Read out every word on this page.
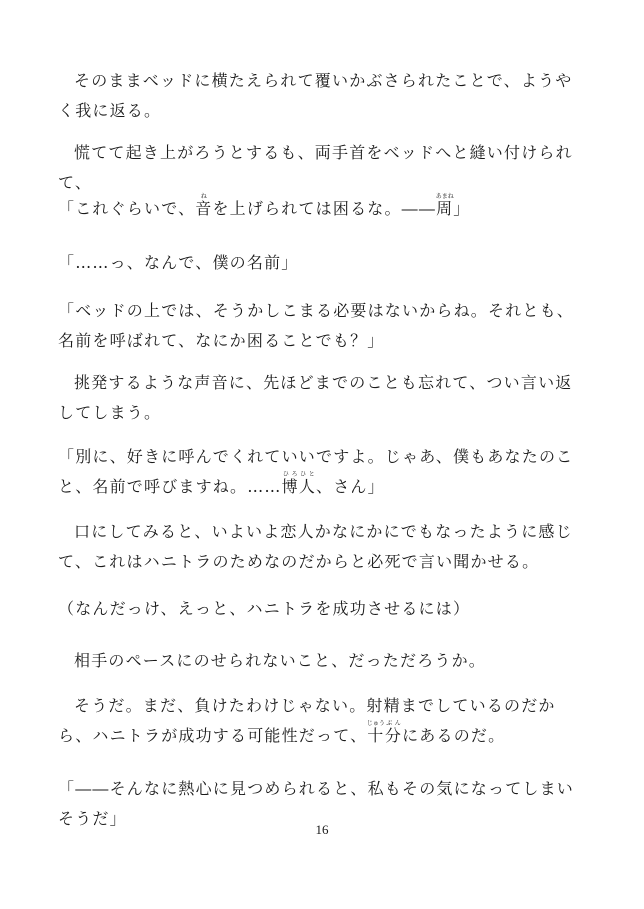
そのままベッドに横たえられて覆いかぶさられたことで、ようやく我に返る。

慌てて起き上がろうとするも、両手首をベッドへと縫い付けられて、

「これぐらいで、音ねを上げられては困るな。――周あまね」

「……っ、なんで、僕の名前」

「ベッドの上では、そうかしこまる必要はないからね。それとも、名前を呼ばれて、なにか困ることでも？」

挑発するような声音に、先ほどまでのことも忘れて、つい言い返してしまう。

「別に、好きに呼んでくれていいですよ。じゃあ、僕もあなたのこと、名前で呼びますね。……博ひろ人ひと、さん」

口にしてみると、いよいよ恋人かなにかにでもなったように感じて、これはハニトラのためなのだからと必死で言い聞かせる。

（なんだっけ、えっと、ハニトラを成功させるには）

相手のペースにのせられないこと、だっただろうか。

そうだ。まだ、負けたわけじゃない。射精までしているのだから、ハニトラが成功する可能性だって、十じゅう分ぶんにあるのだ。

「――そんなに熱心に見つめられると、私もその気になってしまいそうだ」

16
